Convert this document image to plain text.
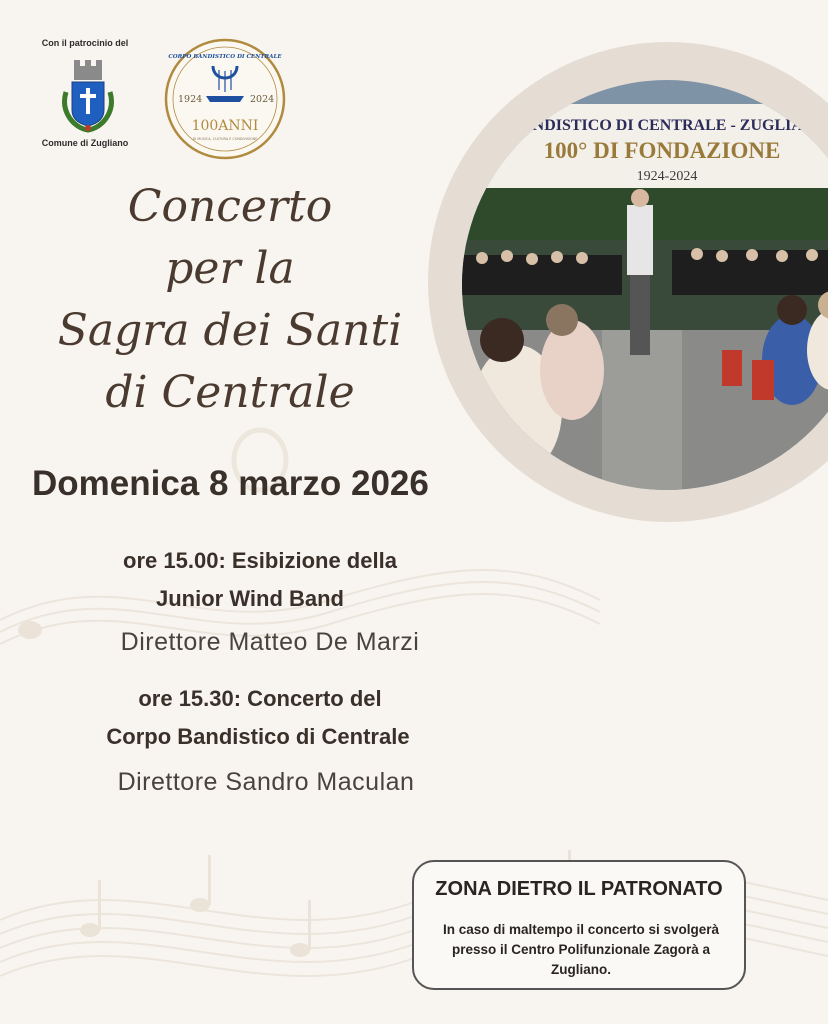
Con il patrocinio del
Comune di Zugliano
1924	2024
CORPO BANDISTICO DI CENTRALE
100ANNI
DI MUSICA, CULTURA E CONDIVISIONE
Concerto
per la
Sagra dei Santi
di Centrale
Domenica 8 marzo 2026
ore 15.00: Esibizione della
Junior Wind Band
Direttore Matteo De Marzi
ore 15.30: Concerto del
Corpo Bandistico di Centrale
Direttore Sandro Maculan
ANDISTICO DI CENTRALE - ZUGLIA
100° DI FONDAZIONE
1924-2024
ZONA DIETRO IL PATRONATO
In caso di maltempo il concerto si svolgerà presso il Centro Polifunzionale Zagorà a Zugliano.
